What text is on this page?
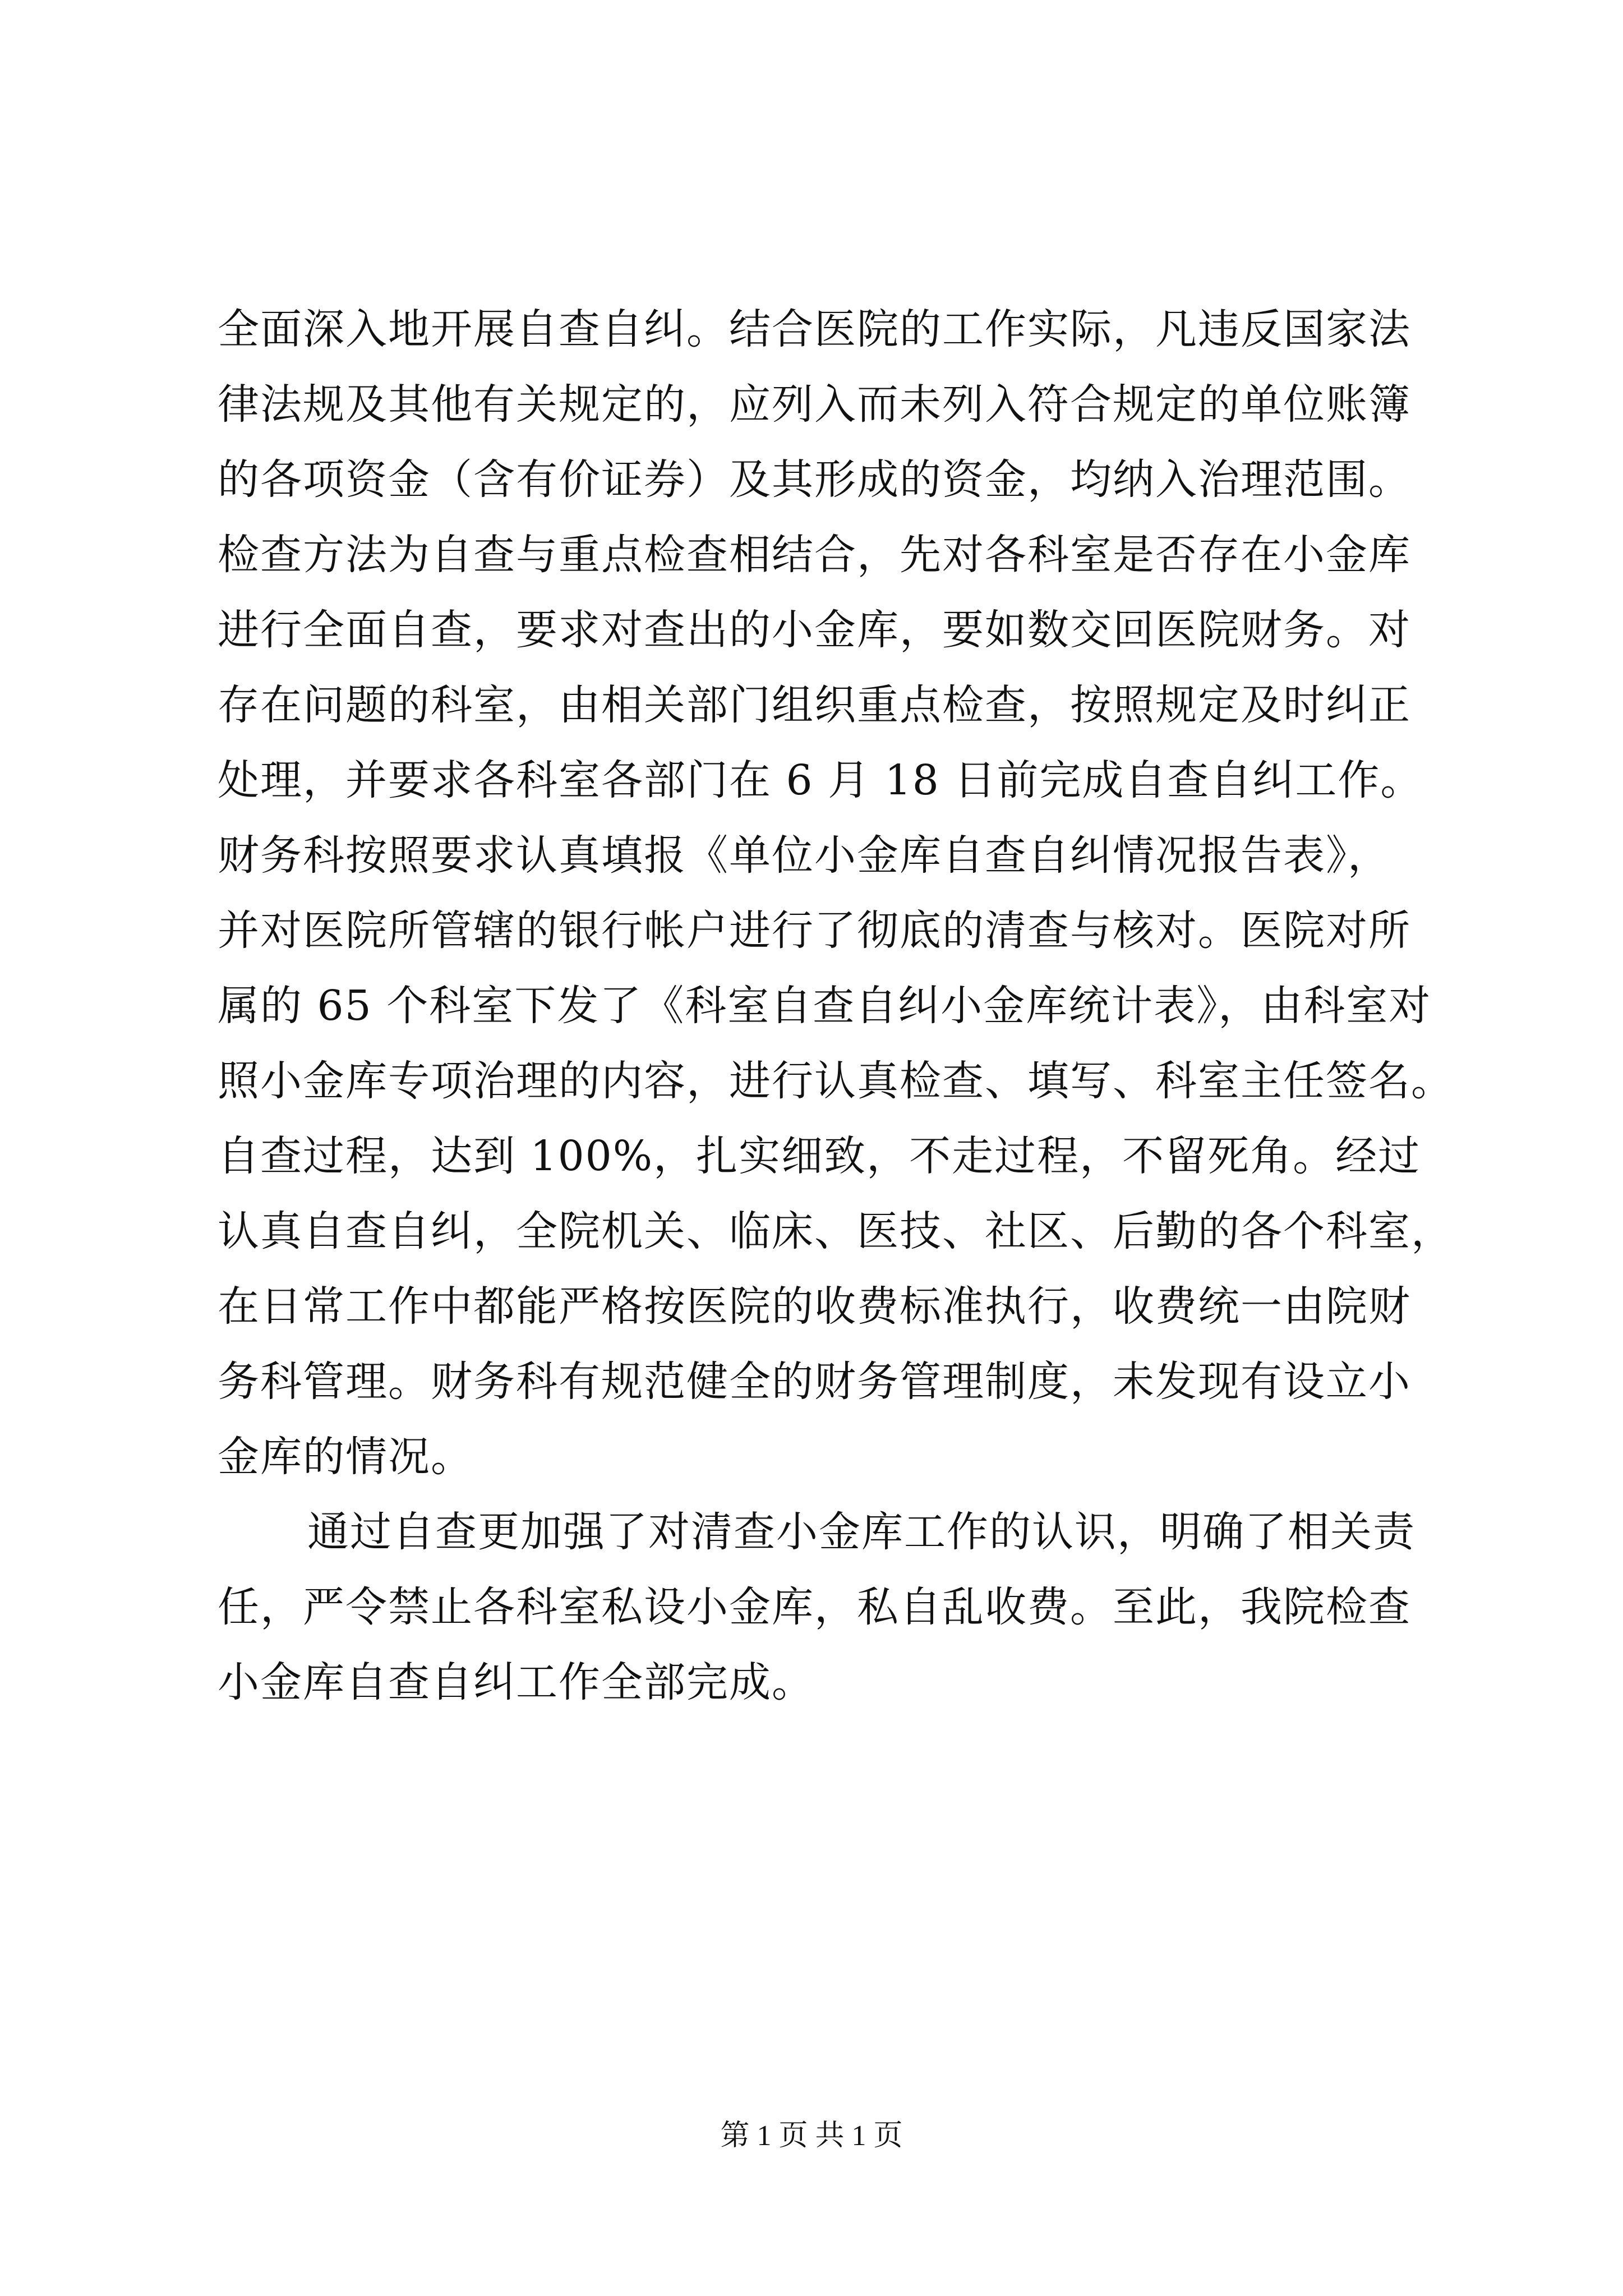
全面深入地开展自查自纠。结合医院的工作实际，凡违反国家法
律法规及其他有关规定的，应列入而未列入符合规定的单位账簿
的各项资金（含有价证券）及其形成的资金，均纳入治理范围。
检查方法为自查与重点检查相结合，先对各科室是否存在小金库
进行全面自查，要求对查出的小金库，要如数交回医院财务。对
存在问题的科室，由相关部门组织重点检查，按照规定及时纠正
处理，并要求各科室各部门在 6 月 18 日前完成自查自纠工作。
财务科按照要求认真填报《单位小金库自查自纠情况报告表》，
并对医院所管辖的银行帐户进行了彻底的清查与核对。医院对所
属的 65 个科室下发了《科室自查自纠小金库统计表》，由科室对
照小金库专项治理的内容，进行认真检查、填写、科室主任签名。
自查过程，达到 100%，扎实细致，不走过程，不留死角。经过
认真自查自纠，全院机关、临床、医技、社区、后勤的各个科室，
在日常工作中都能严格按医院的收费标准执行，收费统一由院财
务科管理。财务科有规范健全的财务管理制度，未发现有设立小
金库的情况。
通过自查更加强了对清查小金库工作的认识，明确了相关责
任，严令禁止各科室私设小金库，私自乱收费。至此，我院检查
小金库自查自纠工作全部完成。
第 1 页 共 1 页
